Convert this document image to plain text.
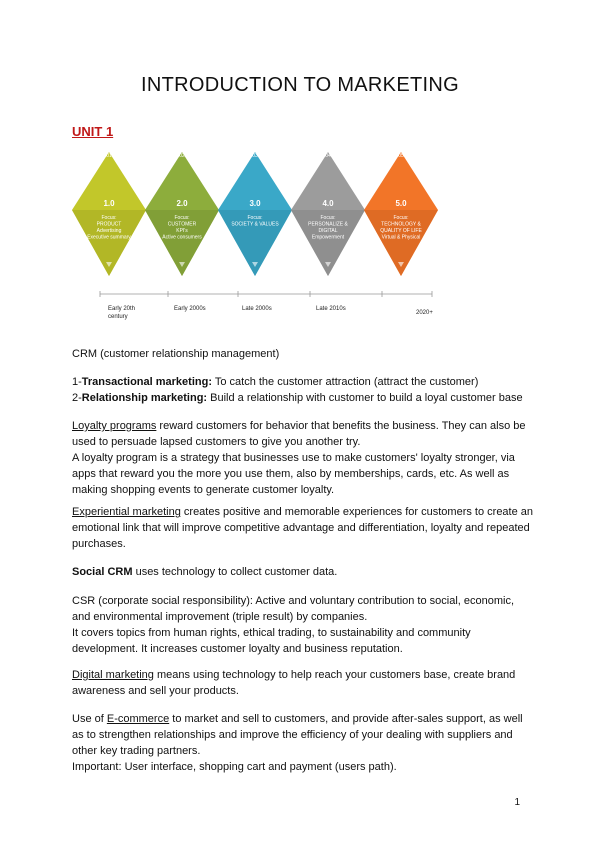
INTRODUCTION TO MARKETING
UNIT 1
01
1.0
Focus:
PRODUCT
Advertising
Executive summary
02
2.0
Focus:
CUSTOMER
KPI's
Active consumers
03
3.0
Focus:
SOCIETY & VALUES
04
4.0
Focus:
PERSONALIZE &
DIGITAL
Empowerment
05
5.0
Focus:
TECHNOLOGY &
QUALITY OF LIFE
Virtual & Physical
Early 20th
century
Early 2000s	Late 2000s	Late 2010s
2020+
CRM (customer relationship management)
1-Transactional marketing: To catch the customer attraction (attract the customer)
2-Relationship marketing: Build a relationship with customer to build a loyal customer base

Loyalty programs reward customers for behavior that benefits the business. They can also be used to persuade lapsed customers to give you another try.

A loyalty program is a strategy that businesses use to make customers' loyalty stronger, via apps that reward you the more you use them, also by memberships, cards, etc. As well as making shopping events to generate customer loyalty.

Experiential marketing creates positive and memorable experiences for customers to create an emotional link that will improve competitive advantage and differentiation, loyalty and repeated purchases.
Social CRM uses technology to collect customer data.

CSR (corporate social responsibility): Active and voluntary contribution to social, economic, and environmental improvement (triple result) by companies.

It covers topics from human rights, ethical trading, to sustainability and community development. It increases customer loyalty and business reputation.

Digital marketing means using technology to help reach your customers base, create brand awareness and sell your products.

Use of E-commerce to market and sell to customers, and provide after-sales support, as well as to strengthen relationships and improve the efficiency of your dealing with suppliers and other key trading partners.

Important: User interface, shopping cart and payment (users path).

1
